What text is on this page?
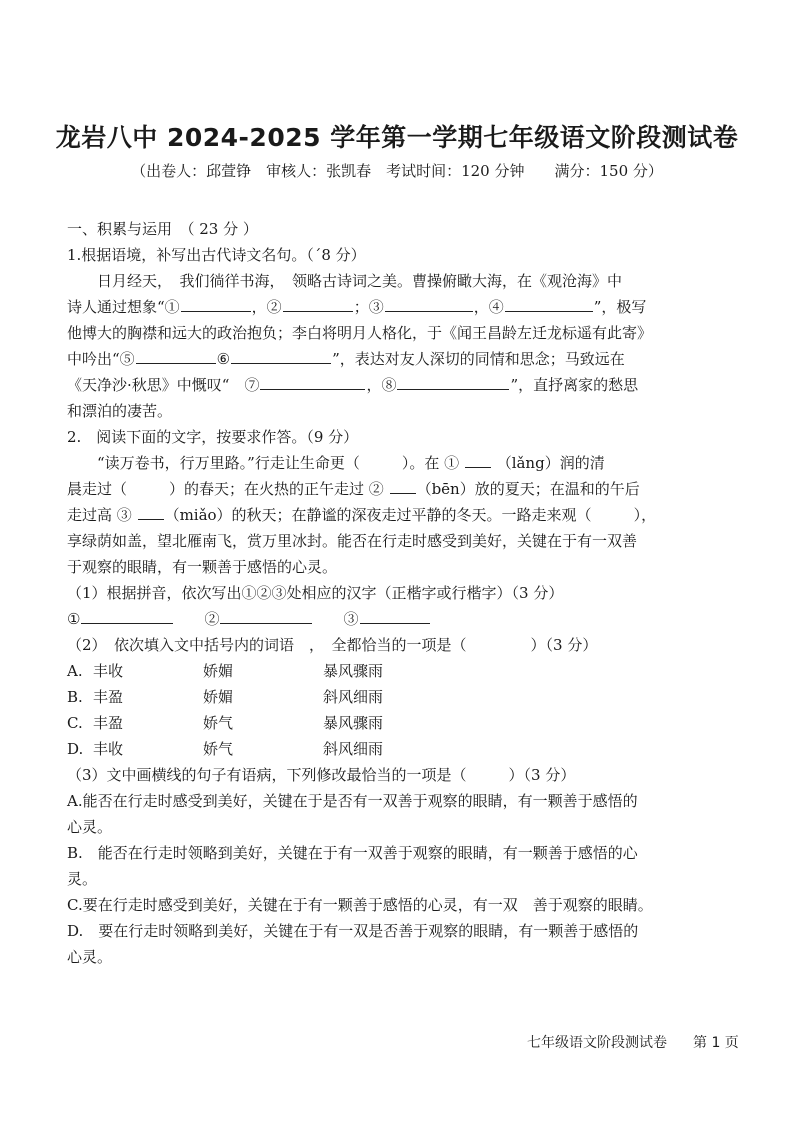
龙岩八中 2024-2025 学年第一学期七年级语文阶段测试卷
（出卷人：邱萱铮　审核人：张凯春　考试时间：120 分钟　　满分：150 分）
一、积累与运用　（ 23 分 ）
1.根据语境，补写出古代诗文名句。（´8 分）
日月经天，　我们徜徉书海，　领略古诗词之美。曹操俯瞰大海，在《观沧海》中
诗人通过想象“①	，②	；③	，④	”，极写
他博大的胸襟和远大的政治抱负；李白将明月人格化，于《闻王昌龄左迁龙标遥有此寄》
中吟出“⑤	⑥	”，表达对友人深切的同情和思念；马致远在
《天净沙·秋思》中慨叹“　⑦	，⑧	”，直抒离家的愁思
和漂泊的凄苦。
2.　阅读下面的文字，按要求作答。（9 分）
“读万卷书，行万里路。”行走让生命更（	）。在 ①	（lǎng）润的清
晨走过（	）的春天；在火热的正午走过 ② （bēn）放的夏天；在温和的午后
走过高 ③ （miǎo）的秋天；在静谧的深夜走过平静的冬天。一路走来观（	），
享绿荫如盖，望北雁南飞，赏万里冰封。能否在行走时感受到美好，关键在于有一双善
于观察的眼睛，有一颗善于感悟的心灵。
（1）根据拼音，依次写出①②③处相应的汉字（正楷字或行楷字）（3 分）
①　　	②　　	③
（2）　依次填入文中括号内的词语　，　全都恰当的一项是（	）（3 分）
A. 丰收	娇媚	暴风骤雨
B. 丰盈	娇媚	斜风细雨
C. 丰盈	娇气	暴风骤雨
D. 丰收	娇气	斜风细雨
（3）文中画横线的句子有语病，下列修改最恰当的一项是（	）（3 分）
A.能否在行走时感受到美好，关键在于是否有一双善于观察的眼睛，有一颗善于感悟的
心灵。
B.　能否在行走时领略到美好，关键在于有一双善于观察的眼睛，有一颗善于感悟的心
灵。
C.要在行走时感受到美好，关键在于有一颗善于感悟的心灵，有一双　善于观察的眼睛。
D.　要在行走时领略到美好，关键在于有一双是否善于观察的眼睛，有一颗善于感悟的
心灵。
七年级语文阶段测试卷 第 1 页
